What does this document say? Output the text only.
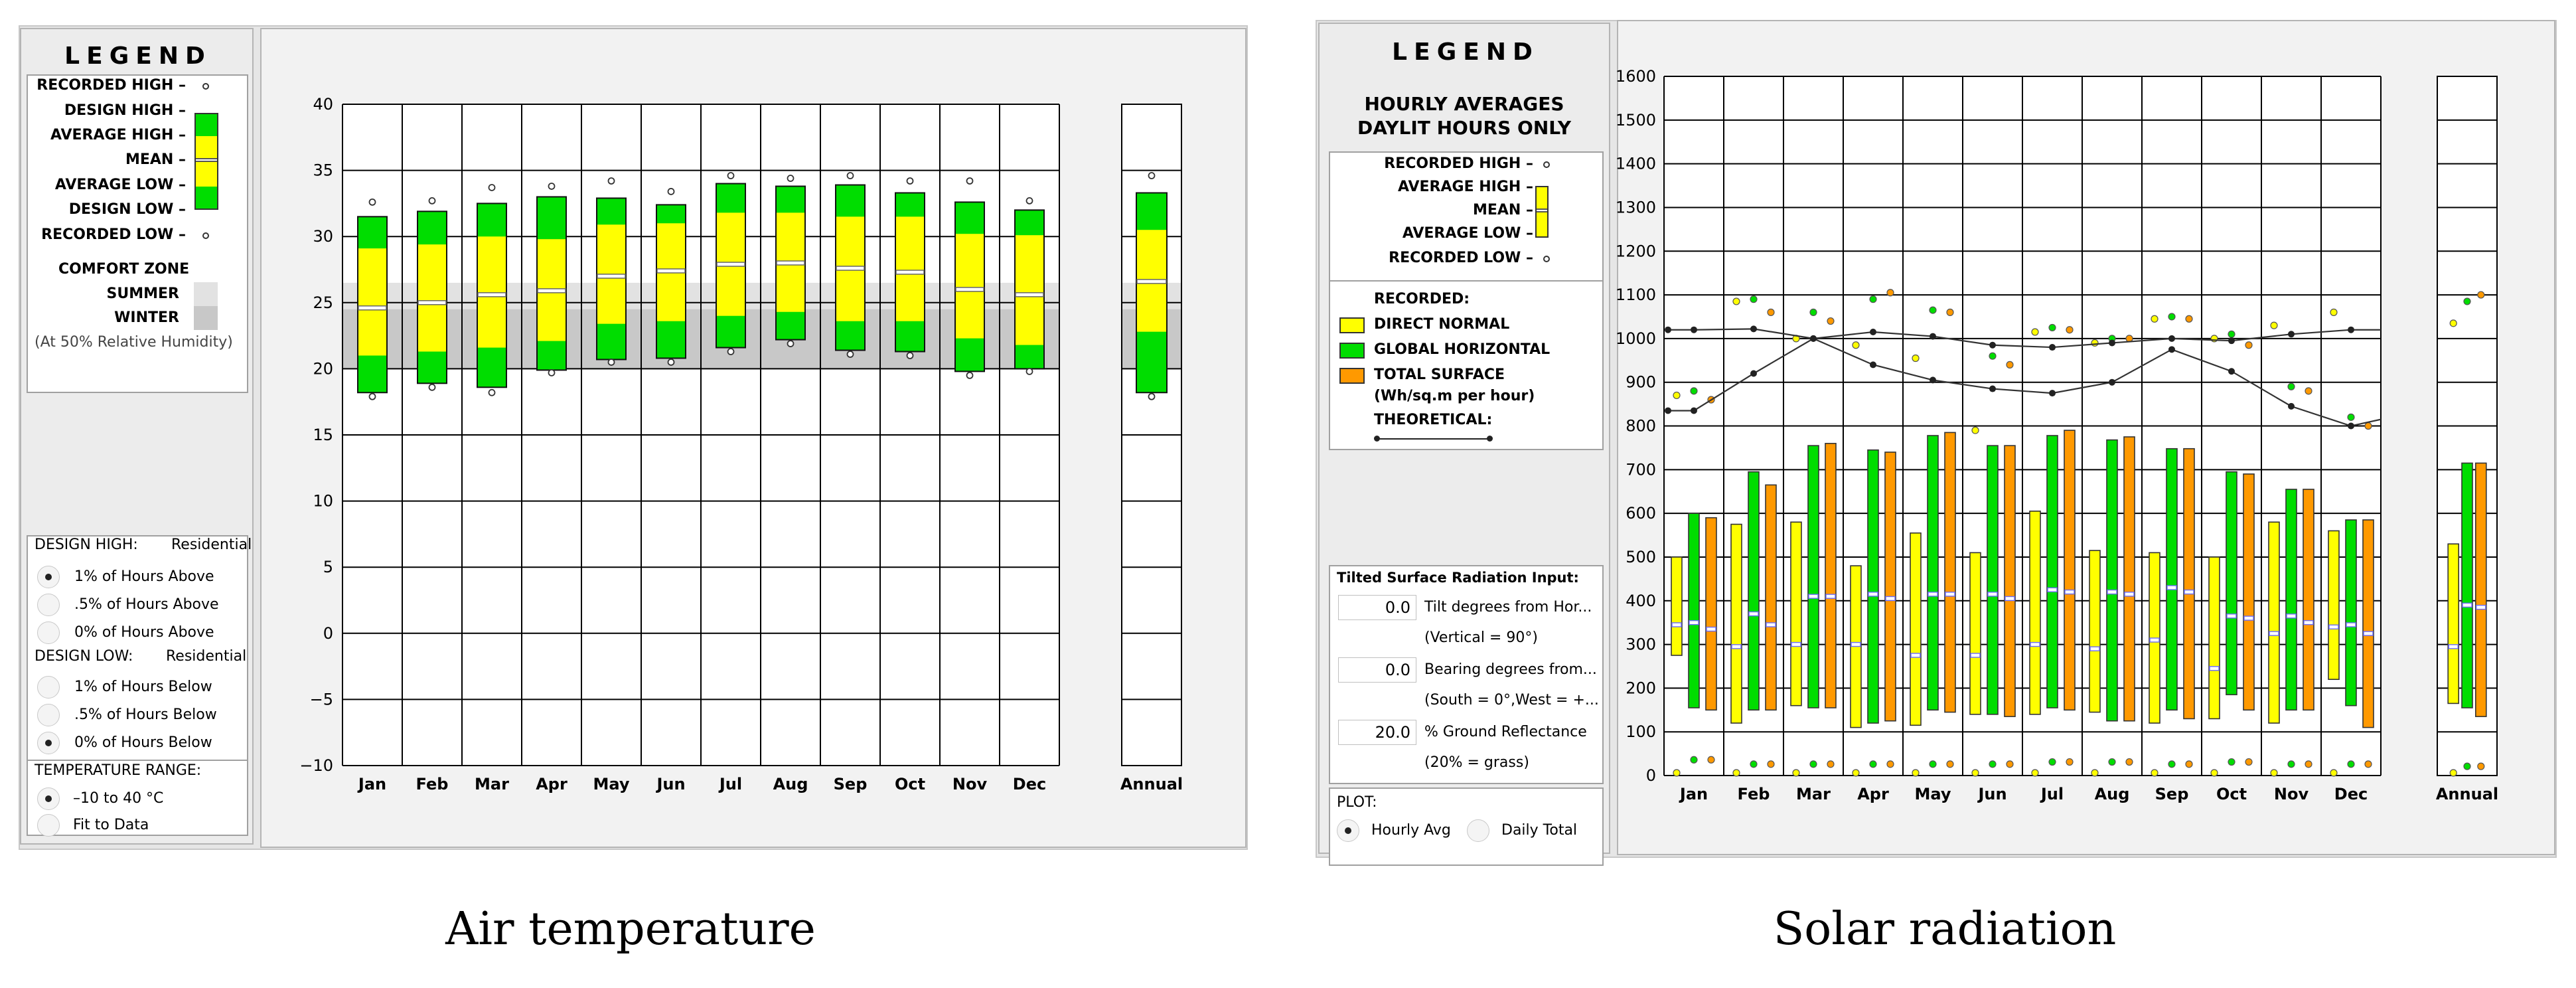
LEGEND
RECORDED HIGH –
DESIGN HIGH –
AVERAGE HIGH –
MEAN –
AVERAGE LOW –
DESIGN LOW –
RECORDED LOW –
COMFORT ZONE
SUMMER
WINTER
(At 50% Relative Humidity)
DESIGN HIGH: Residential
1% of Hours Above
.5% of Hours Above
0% of Hours Above
DESIGN LOW: Residential
1% of Hours Below
.5% of Hours Below
0% of Hours Below
TEMPERATURE RANGE:
–10 to 40 °C
Fit to Data
−10
−5
0
5
10
15
20
25
30
35
40
Jan Feb Mar Apr May Jun Jul Aug Sep Oct Nov Dec	Annual
Air temperature
LEGEND
HOURLY AVERAGES
DAYLIT HOURS ONLY
RECORDED HIGH –
AVERAGE HIGH –
MEAN –
AVERAGE LOW –
RECORDED LOW –
RECORDED:
DIRECT NORMAL
GLOBAL HORIZONTAL
TOTAL SURFACE
(Wh/sq.m per hour)
THEORETICAL:
Tilted Surface Radiation Input:
0.0 Tilt degrees from Hor...
(Vertical = 90°)
0.0 Bearing degrees from...
(South = 0°,West = +...
20.0 % Ground Reflectance
(20% = grass)
PLOT:
Hourly Avg	Daily Total
0
100
200
300
400
500
600
700
800
900
1000
1100
1200
1300
1400
1500
1600
Jan Feb Mar Apr May Jun Jul Aug Sep Oct Nov Dec	Annual
Solar radiation
